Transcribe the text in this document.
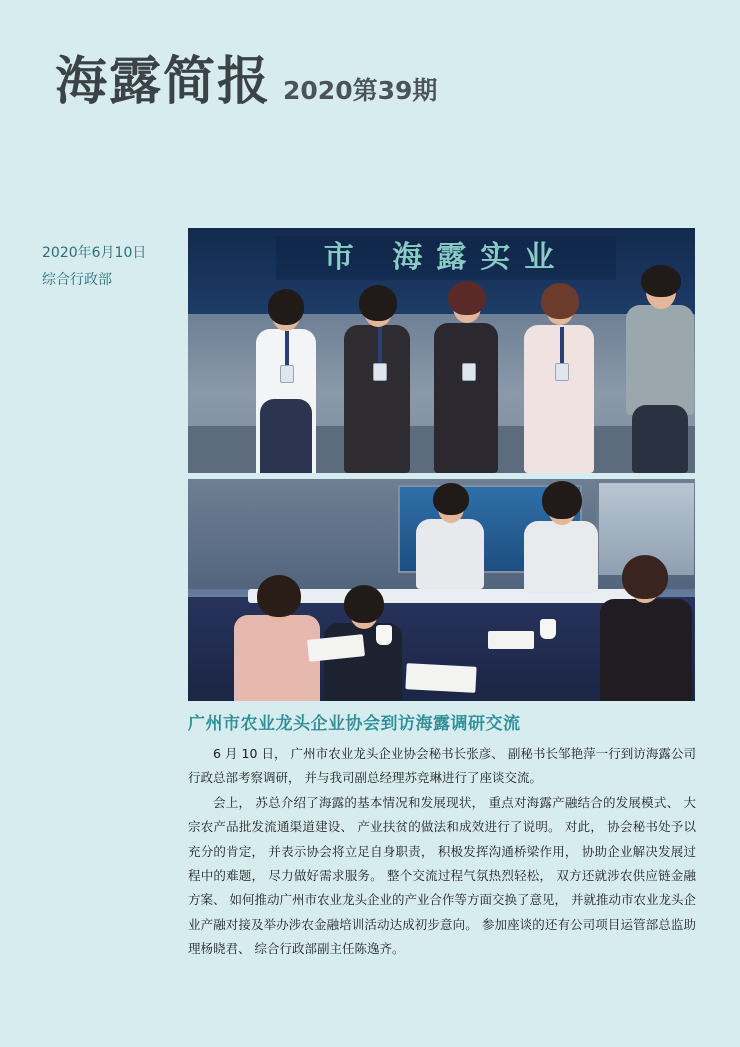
海露简报 2020第39期
2020年6月10日
综合行政部
市 海露实业
广州市农业龙头企业协会到访海露调研交流

6 月 10 日， 广州市农业龙头企业协会秘书长张彦、 副秘书长邹艳萍一行到访海露公司行政总部考察调研， 并与我司副总经理苏竞琳进行了座谈交流。

会上， 苏总介绍了海露的基本情况和发展现状， 重点对海露产融结合的发展模式、 大宗农产品批发流通渠道建设、 产业扶贫的做法和成效进行了说明。 对此， 协会秘书处予以充分的肯定， 并表示协会将立足自身职责， 积极发挥沟通桥梁作用， 协助企业解决发展过程中的难题， 尽力做好需求服务。 整个交流过程气氛热烈轻松， 双方还就涉农供应链金融方案、 如何推动广州市农业龙头企业的产业合作等方面交换了意见， 并就推动市农业龙头企业产融对接及举办涉农金融培训活动达成初步意向。 参加座谈的还有公司项目运管部总监助理杨晓君、 综合行政部副主任陈逸齐。
